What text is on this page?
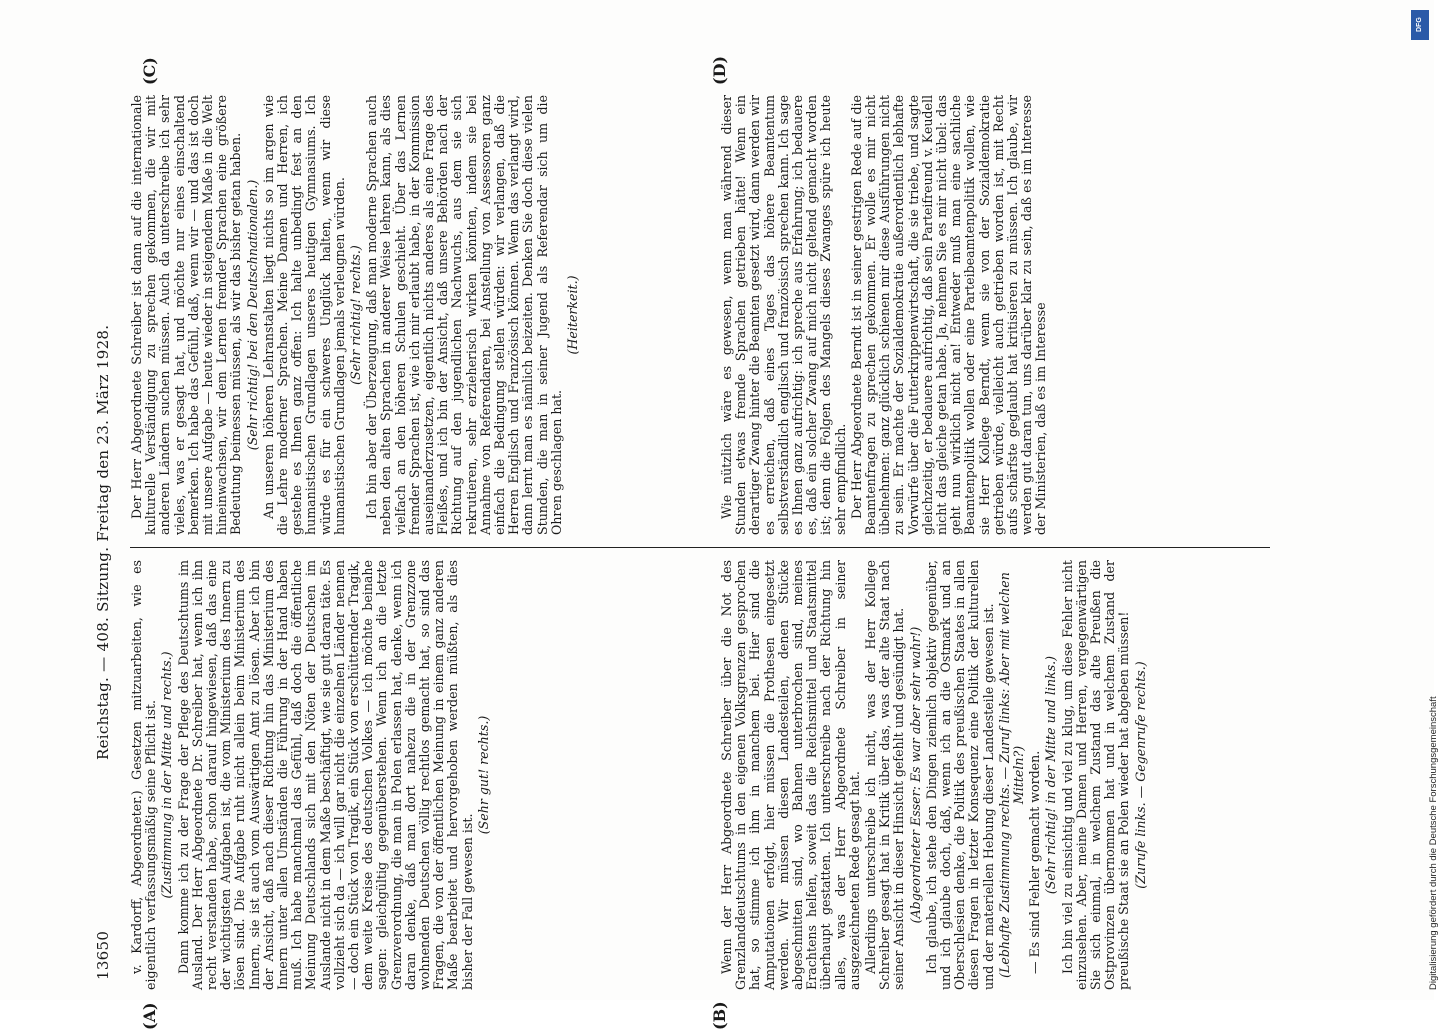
13650
Reichstag. — 408. Sitzung. Freitag den 23. März 1928.
(A)	(B)
(C)	(D)

v. Kardorff, Abgeordneter.) Gesetzen mitzuarbeiten, wie es eigentlich verfassungsmäßig seine Pflicht ist. (Zustimmung in der Mitte und rechts.) Dann komme ich zu der Frage der Pflege des Deutschtums im Ausland. Der Herr Abgeordnete Dr. Schreiber hat, wenn ich ihn recht verstanden habe, schon darauf hingewiesen, daß das eine der wichtigsten Aufgaben ist, die vom Ministerium des Innern zu lösen sind. Die Aufgabe ruht nicht allein beim Ministerium des Innern, sie ist auch vom Auswärtigen Amt zu lösen. Aber ich bin der Ansicht, daß nach dieser Richtung hin das Ministerium des Innern unter allen Umständen die Führung in der Hand haben muß. Ich habe manchmal das Gefühl, daß doch die öffentliche Meinung Deutschlands sich mit den Nöten der Deutschen im Auslande nicht in dem Maße beschäftigt, wie sie gut daran täte. Es vollzieht sich da — ich will gar nicht die einzelnen Länder nennen — doch ein Stück von Tragik, ein Stück von erschütternder Tragik, dem weite Kreise des deutschen Volkes — ich möchte beinahe sagen: gleichgültig gegenüberstehen. Wenn ich an die letzte Grenzverordnung, die man in Polen erlassen hat, denke, wenn ich daran denke, daß man dort nahezu die in der Grenzzone wohnenden Deutschen völlig rechtlos gemacht hat, so sind das Fragen, die von der öffentlichen Meinung in einem ganz anderen Maße bearbeitet und hervorgehoben werden müßten, als dies bisher der Fall gewesen ist.

(Sehr gut! rechts.)	Wenn der Herr Abgeordnete Schreiber über die Not des Grenzlanddeutschtums in den eigenen Volksgrenzen gesprochen hat, so stimme ich ihm in manchem bei. Hier sind die Amputationen erfolgt, hier müssen die Prothesen eingesetzt werden. Wir müssen diesen Landesteilen, denen Stücke abgeschnitten sind, wo Bahnen unterbrochen sind, meines Erachtens helfen, soweit das die Reichsmittel und Staatsmittel überhaupt gestatten. Ich unterschreibe nach der Richtung hin alles, was der Herr Abgeordnete Schreiber in seiner ausgezeichneten Rede gesagt hat. Allerdings unterschreibe ich nicht, was der Herr Kollege Schreiber gesagt hat in Kritik über das, was der alte Staat nach seiner Ansicht in dieser Hinsicht gefehlt und gesündigt hat. (Abgeordneter Esser: Es war aber sehr wahr!) Ich glaube, ich stehe den Dingen ziemlich objektiv gegenüber, und ich glaube doch, daß, wenn ich an die Ostmark und an Oberschlesien denke, die Politik des preußischen Staates in allen diesen Fragen in letzter Konsequenz eine Politik der kulturellen und der materiellen Hebung dieser Landesteile gewesen ist. (Lebhafte Zustimmung rechts. — Zuruf links: Aber mit welchen Mitteln?) — Es sind Fehler gemacht worden. (Sehr richtig! in der Mitte und links.) Ich bin viel zu einsichtig und viel zu klug, um diese Fehler nicht einzusehen. Aber, meine Damen und Herren, vergegenwärtigen Sie sich einmal, in welchem Zustand das alte Preußen die Ostprovinzen übernommen hat und in welchem Zustand der preußische Staat sie an Polen wieder hat abgeben müssen! (Zurufe links. — Gegenrufe rechts.)

Der Herr Abgeordnete Schreiber ist dann auf die internationale kulturelle Verständigung zu sprechen gekommen, die wir mit anderen Ländern suchen müssen. Auch da unterschreibe ich sehr vieles, was er gesagt hat, und möchte nur eines einschaltend bemerken. Ich habe das Gefühl, daß, wenn wir — und das ist doch mit unsere Aufgabe — heute wieder in steigendem Maße in die Welt hineinwachsen, wir dem Lernen fremder Sprachen eine größere Bedeutung beimessen müssen, als wir das bisher getan haben. (Sehr richtig! bei den Deutschnationalen.) An unseren höheren Lehranstalten liegt nichts so im argen wie die Lehre moderner Sprachen. Meine Damen und Herren, ich gestehe es Ihnen ganz offen: Ich halte unbedingt fest an den humanistischen Grundlagen unseres heutigen Gymnasiums. Ich würde es für ein schweres Unglück halten, wenn wir diese humanistischen Grundlagen jemals verleugnen würden. (Sehr richtig! rechts.) Ich bin aber der Überzeugung, daß man moderne Sprachen auch neben den alten Sprachen in anderer Weise lehren kann, als dies vielfach an den höheren Schulen geschieht. Über das Lernen fremder Sprachen ist, wie ich mir erlaubt habe, in der Kommission auseinanderzusetzen, eigentlich nichts anderes als eine Frage des Fleißes, und ich bin der Ansicht, daß unsere Behörden nach der Richtung auf den jugendlichen Nachwuchs, aus dem sie sich rekrutieren, sehr erzieherisch wirken könnten, indem sie bei Annahme von Referendaren, bei Anstellung von Assessoren ganz einfach die Bedingung stellen würden: wir verlangen, daß die Herren Englisch und Französisch können. Wenn das verlangt wird, dann lernt man es nämlich beizeiten. Denken Sie doch diese vielen Stunden, die man in seiner Jugend als Referendar sich um die Ohren geschlagen hat.

(Heiterkeit.)	Wie nützlich wäre es gewesen, wenn man während dieser Stunden etwas fremde Sprachen getrieben hätte! Wenn ein derartiger Zwang hinter die Beamten gesetzt wird, dann werden wir es erreichen, daß eines Tages das höhere Beamtentum selbstverständlich englisch und französisch sprechen kann. Ich sage es Ihnen ganz aufrichtig: ich spreche aus Erfahrung; ich bedauere es, daß ein solcher Zwang auf mich nicht geltend gemacht worden ist; denn die Folgen des Mangels dieses Zwanges spüre ich heute sehr empfindlich. Der Herr Abgeordnete Berndt ist in seiner gestrigen Rede auf die Beamtenfragen zu sprechen gekommen. Er wolle es mir nicht übelnehmen: ganz glücklich schienen mir diese Ausführungen nicht zu sein. Er machte der Sozialdemokratie außerordentlich lebhafte Vorwürfe über die Futterkrippenwirtschaft, die sie triebe, und sagte gleichzeitig, er bedauere aufrichtig, daß sein Parteifreund v. Keudell nicht das gleiche getan habe. Ja, nehmen Sie es mir nicht übel: das geht nun wirklich nicht an! Entweder muß man eine sachliche Beamtenpolitik wollen oder eine Parteibeamtenpolitik wollen, wie sie Herr Kollege Berndt, wenn sie von der Sozialdemokratie getrieben würde, vielleicht auch getrieben worden ist, mit Recht aufs schärfste geglaubt hat kritisieren zu müssen. Ich glaube, wir werden gut daran tun, uns darüber klar zu sein, daß es im Interesse der Ministerien, daß es im Interesse

DFG
Digitalisierung gefördert durch die Deutsche Forschungsgemeinschaft
